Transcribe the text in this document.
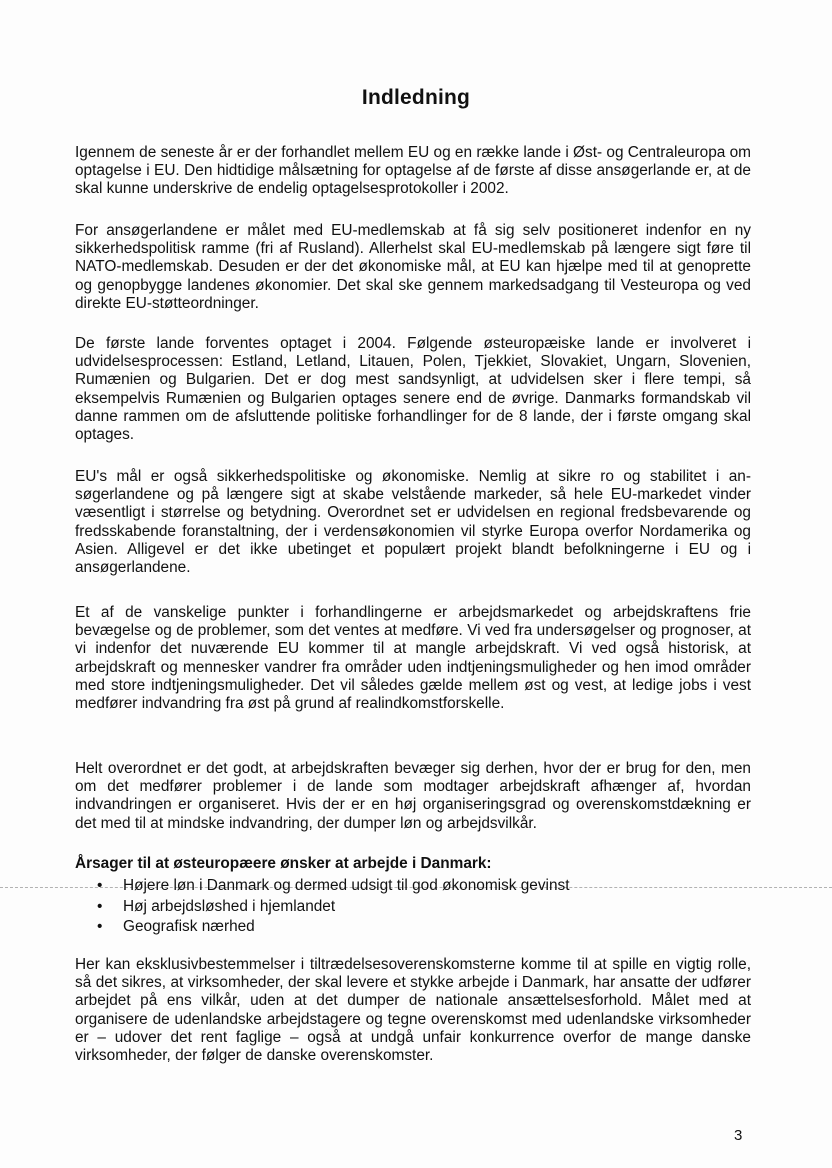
Indledning

Igennem de seneste år er der forhandlet mellem EU og en række lande i Øst- og Centraleuropa om optagelse i EU. Den hidtidige målsætning for optagelse af de første af disse ansøgerlande er, at de skal kunne underskrive de endelig optagelsesprotokoller i 2002.

For ansøgerlandene er målet med EU-medlemskab at få sig selv positioneret indenfor en ny sikkerhedspolitisk ramme (fri af Rusland). Allerhelst skal EU-medlemskab på længere sigt føre til NATO-medlemskab. Desuden er der det økonomiske mål, at EU kan hjælpe med til at genoprette og genopbygge landenes økonomier. Det skal ske gennem markedsadgang til Vesteuropa og ved direkte EU-støtteordninger.

De første lande forventes optaget i 2004. Følgende østeuropæiske lande er involveret i udvidelsesprocessen: Estland, Letland, Litauen, Polen, Tjekkiet, Slovakiet, Ungarn, Slovenien, Rumænien og Bulgarien. Det er dog mest sandsynligt, at udvidelsen sker i flere tempi, så eksempelvis Rumænien og Bulgarien optages senere end de øvrige. Danmarks formandskab vil danne rammen om de afsluttende politiske forhandlinger for de 8 lande, der i første omgang skal optages.

EU's mål er også sikkerhedspolitiske og økonomiske. Nemlig at sikre ro og stabilitet i ansøgerlandene og på længere sigt at skabe velstående markeder, så hele EU-markedet vinder væsentligt i størrelse og betydning. Overordnet set er udvidelsen en regional fredsbevarende og fredsskabende foranstaltning, der i verdensøkonomien vil styrke Europa overfor Nordamerika og Asien. Alligevel er det ikke ubetinget et populært projekt blandt befolkningerne i EU og i ansøgerlandene.

Et af de vanskelige punkter i forhandlingerne er arbejdsmarkedet og arbejdskraftens frie bevægelse og de problemer, som det ventes at medføre. Vi ved fra undersøgelser og prognoser, at vi indenfor det nuværende EU kommer til at mangle arbejdskraft. Vi ved også historisk, at arbejdskraft og mennesker vandrer fra områder uden indtjeningsmuligheder og hen imod områder med store indtjeningsmuligheder. Det vil således gælde mellem øst og vest, at ledige jobs i vest medfører indvandring fra øst på grund af realindkomstforskelle.

Helt overordnet er det godt, at arbejdskraften bevæger sig derhen, hvor der er brug for den, men om det medfører problemer i de lande som modtager arbejdskraft afhænger af, hvordan indvandringen er organiseret. Hvis der er en høj organiseringsgrad og overenskomstdækning er det med til at mindske indvandring, der dumper løn og arbejdsvilkår.

Årsager til at østeuropæere ønsker at arbejde i Danmark:

• Højere løn i Danmark og dermed udsigt til god økonomisk gevinst
• Høj arbejdsløshed i hjemlandet
• Geografisk nærhed

Her kan eksklusivbestemmelser i tiltrædelsesoverenskomsterne komme til at spille en vigtig rolle, så det sikres, at virksomheder, der skal levere et stykke arbejde i Danmark, har ansatte der udfører arbejdet på ens vilkår, uden at det dumper de nationale ansættelsesforhold. Målet med at organisere de udenlandske arbejdstagere og tegne overenskomst med udenlandske virksomheder er – udover det rent faglige – også at undgå unfair konkurrence overfor de mange danske virksomheder, der følger de danske overenskomster.

3
